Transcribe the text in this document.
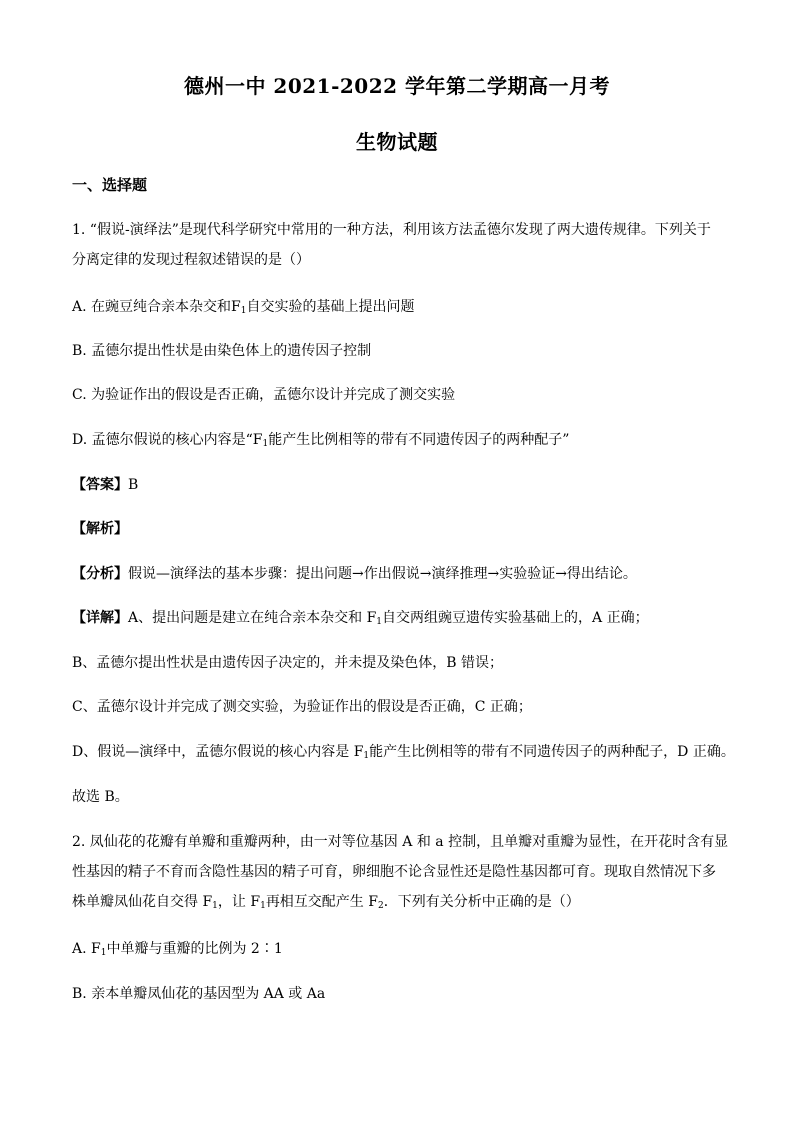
德州一中 2021-2022 学年第二学期高一月考
生物试题
一、选择题
1. “假说-演绎法”是现代科学研究中常用的一种方法，利用该方法孟德尔发现了两大遗传规律。下列关于
分离定律的发现过程叙述错误的是（）
A. 在豌豆纯合亲本杂交和$F_1$自交实验的基础上提出问题
B. 孟德尔提出性状是由染色体上的遗传因子控制
C. 为验证作出的假设是否正确，孟德尔设计并完成了测交实验
D. 孟德尔假说的核心内容是“$F_1$能产生比例相等的带有不同遗传因子的两种配子”
【答案】B
【解析】
【分析】假说—演绎法的基本步骤：提出问题→作出假说→演绎推理→实验验证→得出结论。
【详解】A、提出问题是建立在纯合亲本杂交和 $F_1$自交两组豌豆遗传实验基础上的，A 正确；
B、孟德尔提出性状是由遗传因子决定的，并未提及染色体，B 错误；
C、孟德尔设计并完成了测交实验，为验证作出的假设是否正确，C 正确；
D、假说—演绎中，孟德尔假说的核心内容是 $F_1$能产生比例相等的带有不同遗传因子的两种配子，D 正确。
故选 B。
2. 凤仙花的花瓣有单瓣和重瓣两种，由一对等位基因 A 和 a 控制，且单瓣对重瓣为显性，在开花时含有显
性基因的精子不育而含隐性基因的精子可育，卵细胞不论含显性还是隐性基因都可育。现取自然情况下多
株单瓣凤仙花自交得 $F_1$，让 $F_1$再相互交配产生 $F_2$．下列有关分析中正确的是（）
A. $F_1$中单瓣与重瓣的比例为 2∶1
B. 亲本单瓣凤仙花的基因型为 AA 或 Aa
